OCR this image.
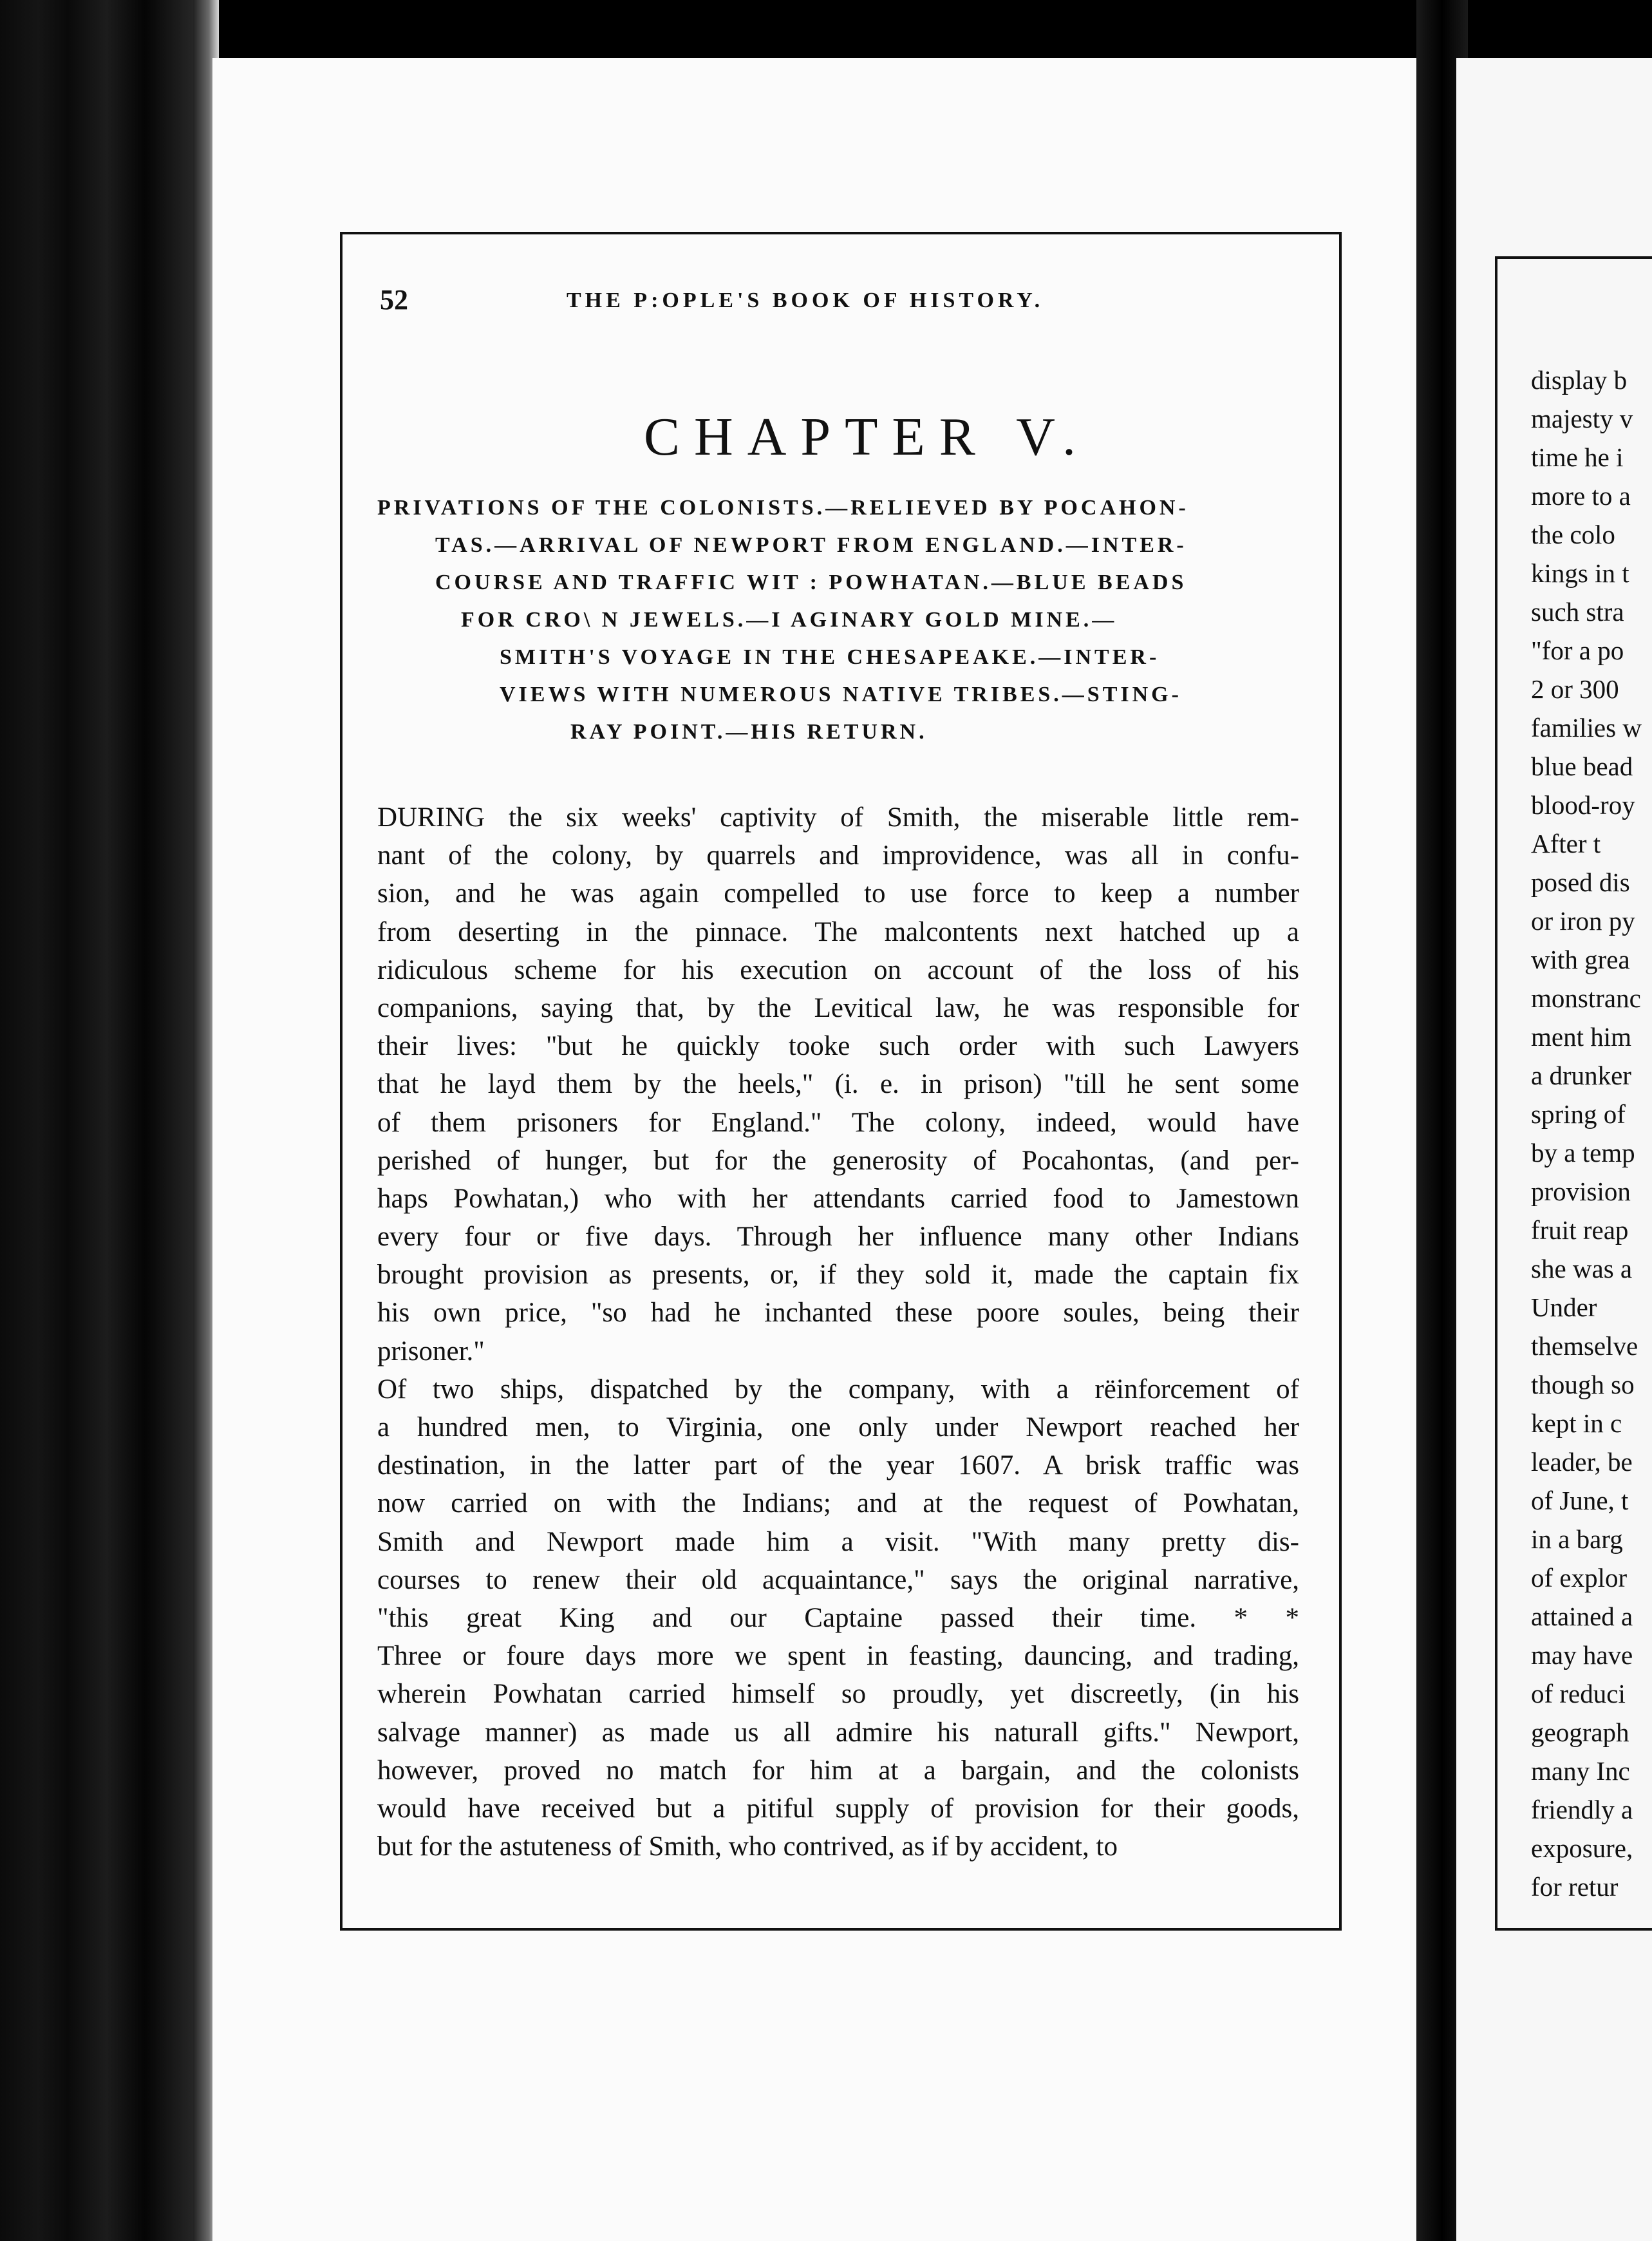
52	THE P:OPLE'S BOOK OF HISTORY.
CHAPTER V.
PRIVATIONS OF THE COLONISTS.—RELIEVED BY POCAHON-
TAS.—ARRIVAL OF NEWPORT FROM ENGLAND.—INTER-
COURSE AND TRAFFIC WIT : POWHATAN.—BLUE BEADS
FOR CRO\ N JEWELS.—I AGINARY GOLD MINE.—
SMITH'S VOYAGE IN THE CHESAPEAKE.—INTER-
VIEWS WITH NUMEROUS NATIVE TRIBES.—STING-
RAY POINT.—HIS RETURN.
DURING the six weeks' captivity of Smith, the miserable little rem-
nant of the colony, by quarrels and improvidence, was all in confu-
sion, and he was again compelled to use force to keep a number
from deserting in the pinnace. The malcontents next hatched up a
ridiculous scheme for his execution on account of the loss of his
companions, saying that, by the Levitical law, he was responsible for
their lives: "but he quickly tooke such order with such Lawyers
that he layd them by the heels," (i. e. in prison) "till he sent some
of them prisoners for England." The colony, indeed, would have
perished of hunger, but for the generosity of Pocahontas, (and per-
haps Powhatan,) who with her attendants carried food to Jamestown
every four or five days. Through her influence many other Indians
brought provision as presents, or, if they sold it, made the captain fix
his own price, "so had he inchanted these poore soules, being their
prisoner."
Of two ships, dispatched by the company, with a rëinforcement of
a hundred men, to Virginia, one only under Newport reached her
destination, in the latter part of the year 1607. A brisk traffic was
now carried on with the Indians; and at the request of Powhatan,
Smith and Newport made him a visit. "With many pretty dis-
courses to renew their old acquaintance," says the original narrative,
"this great King and our Captaine passed their time. * *
Three or foure days more we spent in feasting, dauncing, and trading,
wherein Powhatan carried himself so proudly, yet discreetly, (in his
salvage manner) as made us all admire his naturall gifts." Newport,
however, proved no match for him at a bargain, and the colonists
would have received but a pitiful supply of provision for their goods,
but for the astuteness of Smith, who contrived, as if by accident, to
display b
majesty v
time he i
more to a
the colo
kings in t
such stra
"for a po
2 or 300
families w
blue bead
blood-roy
After t
posed dis
or iron py
with grea
monstranc
ment him
a drunker
spring of
by a temp
provision
fruit reap
she was a
Under
themselve
though so
kept in c
leader, be
of June, t
in a barg
of explor
attained a
may have
of reduci
geograph
many Inc
friendly a
exposure,
for retur
